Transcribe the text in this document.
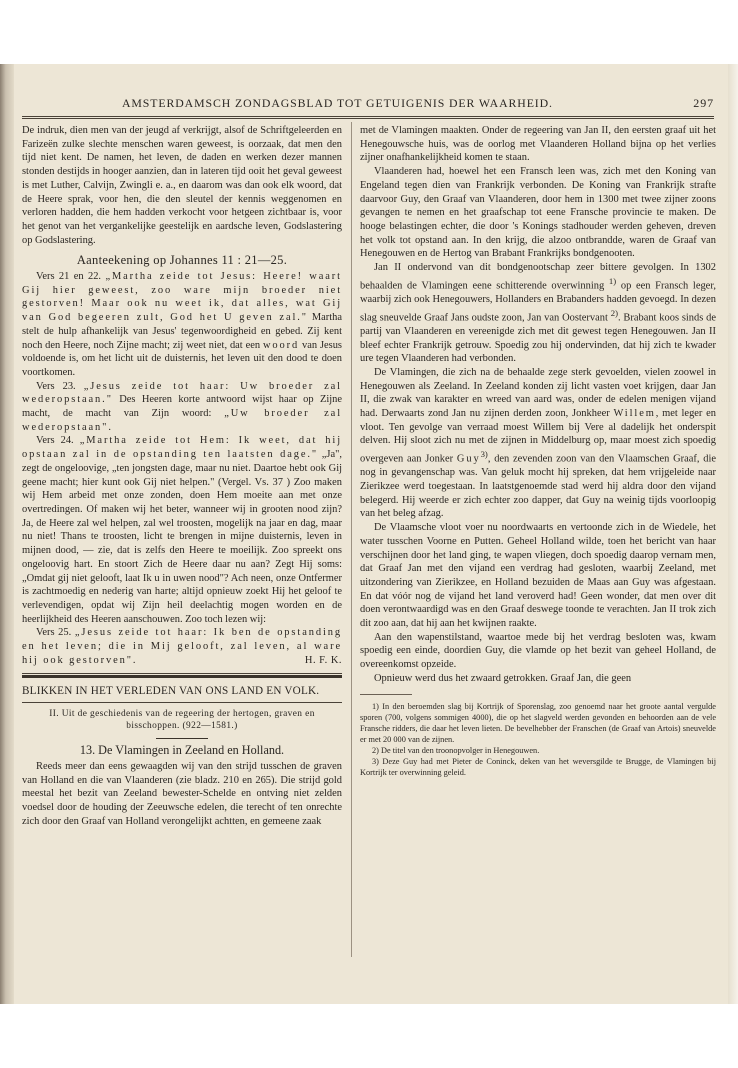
AMSTERDAMSCH ZONDAGSBLAD TOT GETUIGENIS DER WAARHEID.	297

De indruk, dien men van der jeugd af verkrijgt, alsof de Schriftgeleerden en Farizeën zulke slechte menschen waren geweest, is oorzaak, dat men den tijd niet kent. De namen, het leven, de daden en werken dezer mannen stonden destijds in hooger aanzien, dan in lateren tijd ooit het geval geweest is met Luther, Calvijn, Zwingli e. a., en daarom was dan ook elk woord, dat de Heere sprak, voor hen, die den sleutel der kennis weggenomen en verloren hadden, die hem hadden verkocht voor hetgeen zichtbaar is, voor het genot van het vergankelijke geestelijk en aardsche leven, Godslastering op Godslastering.

Aanteekening op Johannes 11 : 21—25.

Vers 21 en 22. „Martha zeide tot Jesus: Heere! waart Gij hier geweest, zoo ware mijn broeder niet gestorven! Maar ook nu weet ik, dat alles, wat Gij van God begeeren zult, God het U geven zal." Martha stelt de hulp afhankelijk van Jesus' tegenwoordigheid en gebed. Zij kent noch den Heere, noch Zijne macht; zij weet niet, dat een woord van Jesus voldoende is, om het licht uit de duisternis, het leven uit den dood te doen voortkomen.

Vers 23. „Jesus zeide tot haar: Uw broeder zal wederopstaan." Des Heeren korte antwoord wijst haar op Zijne macht, de macht van Zijn woord: „Uw broeder zal wederopstaan".

Vers 24. „Martha zeide tot Hem: Ik weet, dat hij opstaan zal in de opstanding ten laatsten dage." „Ja", zegt de ongeloovige, „ten jongsten dage, maar nu niet. Daartoe hebt ook Gij geene macht; hier kunt ook Gij niet helpen." (Vergel. Vs. 37 ) Zoo maken wij Hem arbeid met onze zonden, doen Hem moeite aan met onze overtredingen. Of maken wij het beter, wanneer wij in grooten nood zijn? Ja, de Heere zal wel helpen, zal wel troosten, mogelijk na jaar en dag, maar nu niet! Thans te troosten, licht te brengen in mijne duisternis, leven in mijnen dood, — zie, dat is zelfs den Heere te moeilijk. Zoo spreekt ons ongeloovig hart. En stoort Zich de Heere daar nu aan? Zegt Hij soms: „Omdat gij niet gelooft, laat Ik u in uwen nood"? Ach neen, onze Ontfermer is zachtmoedig en nederig van harte; altijd opnieuw zoekt Hij het geloof te verlevendigen, opdat wij Zijn heil deelachtig mogen worden en de heerlijkheid des Heeren aanschouwen. Zoo toch lezen wij:

Vers 25. „Jesus zeide tot haar: Ik ben de opstanding en het leven; die in Mij gelooft, zal leven, al ware hij ook gestorven".	H. F. K.

BLIKKEN IN HET VERLEDEN VAN ONS LAND EN VOLK.
II. Uit de geschiedenis van de regeering der hertogen, graven en bisschoppen. (922—1581.)
13. De Vlamingen in Zeeland en Holland.

Reeds meer dan eens gewaagden wij van den strijd tusschen de graven van Holland en die van Vlaanderen (zie bladz. 210 en 265). Die strijd gold meestal het bezit van Zeeland bewester-Schelde en ontving niet zelden voedsel door de houding der Zeeuwsche edelen, die terecht of ten onrechte zich door den Graaf van Holland verongelijkt achtten, en gemeene zaak

met de Vlamingen maakten. Onder de regeering van Jan II, den eersten graaf uit het Henegouwsche huis, was de oorlog met Vlaanderen Holland bijna op het verlies zijner onafhankelijkheid komen te staan.

Vlaanderen had, hoewel het een Fransch leen was, zich met den Koning van Engeland tegen dien van Frankrijk verbonden. De Koning van Frankrijk strafte daarvoor Guy, den Graaf van Vlaanderen, door hem in 1300 met twee zijner zoons gevangen te nemen en het graafschap tot eene Fransche provincie te maken. De hooge belastingen echter, die door 's Konings stadhouder werden geheven, dreven het volk tot opstand aan. In den krijg, die alzoo ontbrandde, waren de Graaf van Henegouwen en de Hertog van Brabant Frankrijks bondgenooten.

Jan II ondervond van dit bondgenootschap zeer bittere gevolgen. In 1302 behaalden de Vlamingen eene schitterende overwinning $^{1)}$ op een Fransch leger, waarbij zich ook Henegouwers, Hollanders en Brabanders hadden gevoegd. In dezen slag sneuvelde Graaf Jans oudste zoon, Jan van Oostervant $^{2)}$. Brabant koos sinds de partij van Vlaanderen en vereenigde zich met dit gewest tegen Henegouwen. Jan II bleef echter Frankrijk getrouw. Spoedig zou hij ondervinden, dat hij zich te kwader ure tegen Vlaanderen had verbonden.

De Vlamingen, die zich na de behaalde zege sterk gevoelden, vielen zoowel in Henegouwen als Zeeland. In Zeeland konden zij licht vasten voet krijgen, daar Jan II, die zwak van karakter en wreed van aard was, onder de edelen menigen vijand had. Derwaarts zond Jan nu zijnen derden zoon, Jonkheer Willem, met leger en vloot. Ten gevolge van verraad moest Willem bij Vere al dadelijk het onderspit delven. Hij sloot zich nu met de zijnen in Middelburg op, maar moest zich spoedig overgeven aan Jonker Guy$^{3)}$, den zevenden zoon van den Vlaamschen Graaf, die nog in gevangenschap was. Van geluk mocht hij spreken, dat hem vrijgeleide naar Zierikzee werd toegestaan. In laatstgenoemde stad werd hij aldra door den vijand belegerd. Hij weerde er zich echter zoo dapper, dat Guy na weinig tijds voorloopig van het beleg afzag.

De Vlaamsche vloot voer nu noordwaarts en vertoonde zich in de Wiedele, het water tusschen Voorne en Putten. Geheel Holland wilde, toen het bericht van haar verschijnen door het land ging, te wapen vliegen, doch spoedig daarop vernam men, dat Graaf Jan met den vijand een verdrag had gesloten, waarbij Zeeland, met uitzondering van Zierikzee, en Holland bezuiden de Maas aan Guy was afgestaan. En dat vóór nog de vijand het land veroverd had! Geen wonder, dat men over dit doen verontwaardigd was en den Graaf deswege toonde te verachten. Jan II trok zich dit zoo aan, dat hij aan het kwijnen raakte.

Aan den wapenstilstand, waartoe mede bij het verdrag besloten was, kwam spoedig een einde, doordien Guy, die vlamde op het bezit van geheel Holland, de overeenkomst opzeide.

Opnieuw werd dus het zwaard getrokken. Graaf Jan, die geen

1) In den beroemden slag bij Kortrijk of Sporenslag, zoo genoemd naar het groote aantal vergulde sporen (700, volgens sommigen 4000), die op het slagveld werden gevonden en behoorden aan de vele Fransche ridders, die daar het leven lieten. De bevelhebber der Franschen (de Graaf van Artois) sneuvelde er met 20 000 van de zijnen.

2) De titel van den troonopvolger in Henegouwen.

3) Deze Guy had met Pieter de Coninck, deken van het weversgilde te Brugge, de Vlamingen bij Kortrijk ter overwinning geleid.
